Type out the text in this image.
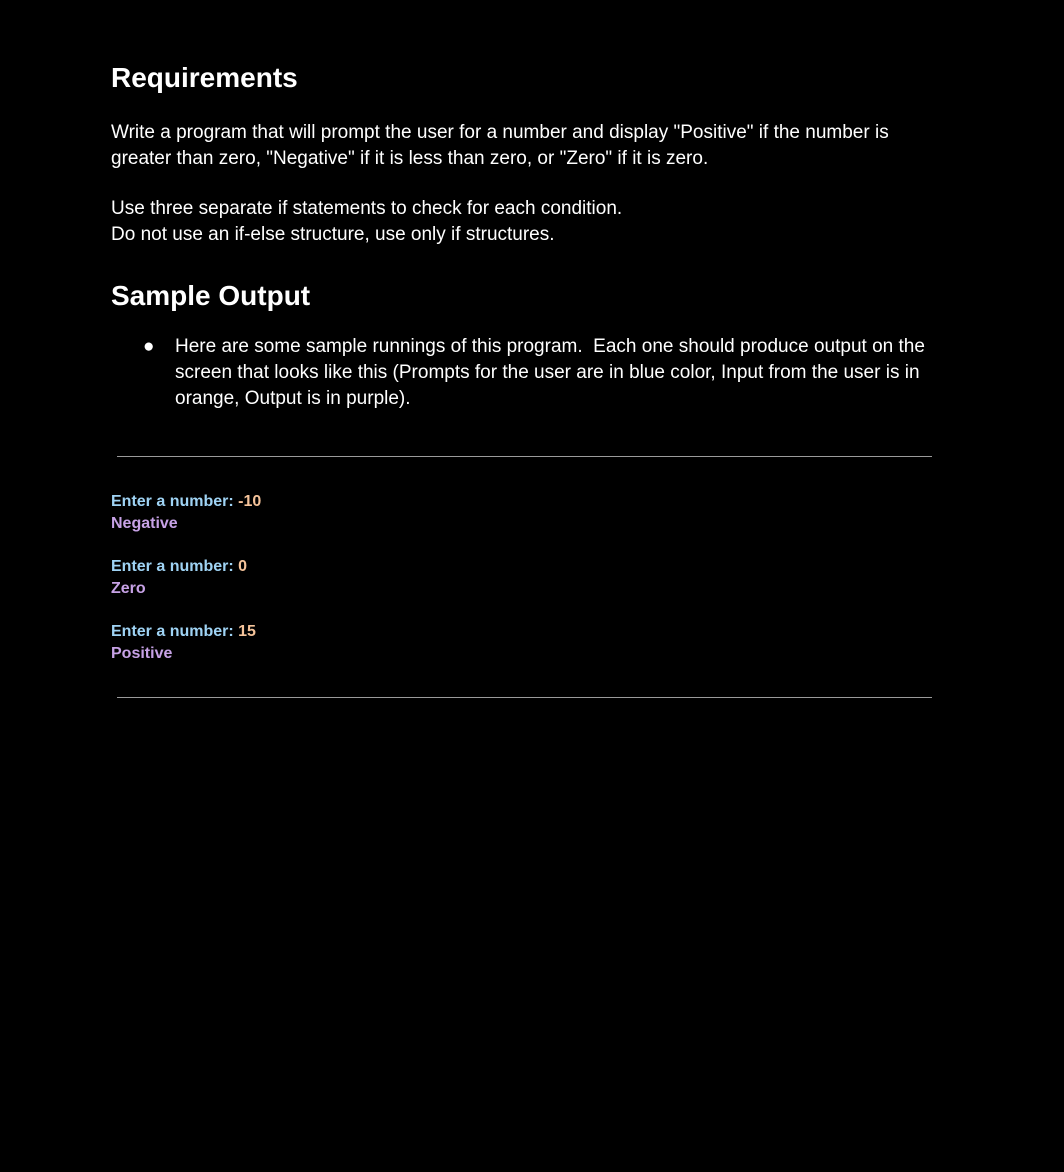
Requirements

Write a program that will prompt the user for a number and display "Positive" if the number is greater than zero, "Negative" if it is less than zero, or "Zero" if it is zero.

Use three separate if statements to check for each condition.

Do not use an if-else structure, use only if structures.

Sample Output
● Here are some sample runnings of this program.  Each one should produce output on the screen that looks like this (Prompts for the user are in blue color, Input from the user is in orange, Output is in purple).
Enter a number: -10
Negative
Enter a number: 0
Zero
Enter a number: 15
Positive
